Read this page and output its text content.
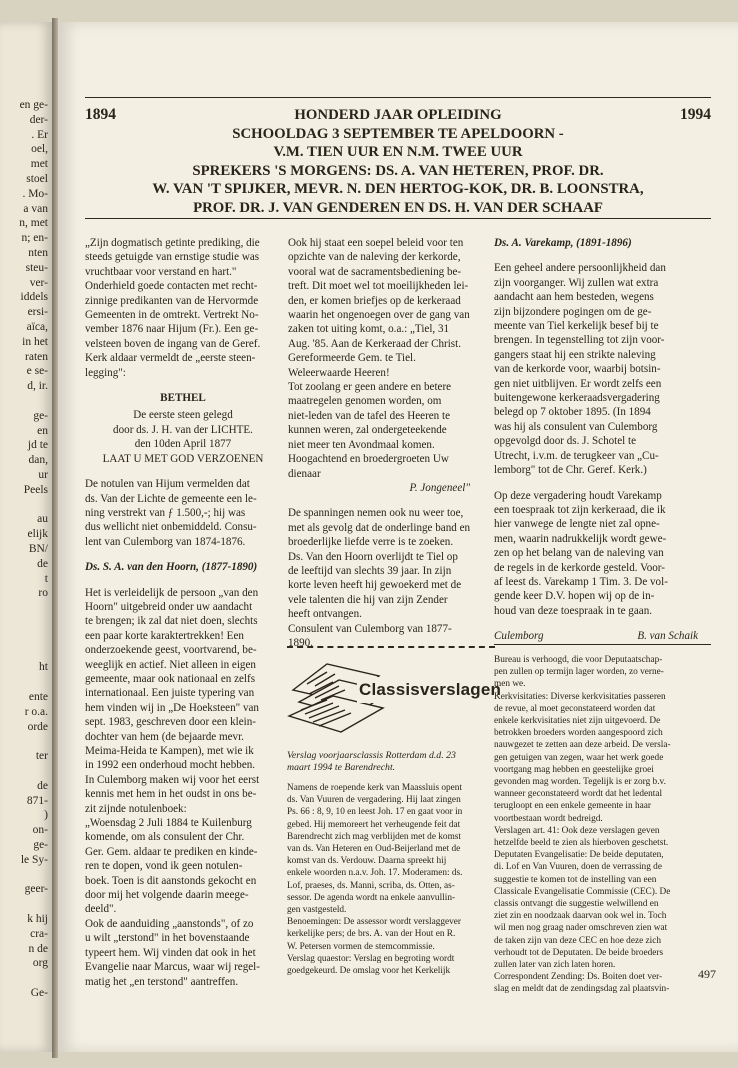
en ge-
der-
. Er
oel,
met
stoel
. Mo-
a van
n, met
n; en-
nten
steu-
ver-
iddels
ersi-
aïca,
in het
raten
e se-
d, ir.
ge-
en
jd te
dan,
ur
Peels
au
elijk
BN/
de
t
ro
ht
ente
r o.a.
orde
ter
de
871-
)
on-
ge-
le Sy-
geer-
k hij
cra-
n de
org
Ge-
1894	1994
HONDERD JAAR OPLEIDING
SCHOOLDAG 3 SEPTEMBER TE APELDOORN -
V.M. TIEN UUR EN N.M. TWEE UUR
SPREKERS 'S MORGENS: DS. A. VAN HETEREN, PROF. DR.
W. VAN 'T SPIJKER, MEVR. N. DEN HERTOG-KOK, DR. B. LOONSTRA,
PROF. DR. J. VAN GENDEREN EN DS. H. VAN DER SCHAAF

„Zijn dogmatisch getinte prediking, die

steeds getuigde van ernstige studie was

vruchtbaar voor verstand en hart."

Onderhield goede contacten met recht-

zinnige predikanten van de Hervormde

Gemeenten in de omtrekt. Vertrekt No-

vember 1876 naar Hijum (Fr.). Een ge-

velsteen boven de ingang van de Geref.

Kerk aldaar vermeldt de „eerste steen-

legging":

BETHEL

De eerste steen gelegd

door ds. J. H. van der LICHTE.

den 10den April 1877

LAAT U MET GOD VERZOENEN

De notulen van Hijum vermelden dat

ds. Van der Lichte de gemeente een le-

ning verstrekt van ƒ 1.500,-; hij was

dus wellicht niet onbemiddeld. Consu-

lent van Culemborg van 1874-1876.

Ds. S. A. van den Hoorn, (1877-1890)

Het is verleidelijk de persoon „van den

Hoorn" uitgebreid onder uw aandacht

te brengen; ik zal dat niet doen, slechts

een paar korte karaktertrekken! Een

onderzoekende geest, voortvarend, be-

weeglijk en actief. Niet alleen in eigen

gemeente, maar ook nationaal en zelfs

internationaal. Een juiste typering van

hem vinden wij in „De Hoeksteen" van

sept. 1983, geschreven door een klein-

dochter van hem (de bejaarde mevr.

Meima-Heida te Kampen), met wie ik

in 1992 een onderhoud mocht hebben.

In Culemborg maken wij voor het eerst

kennis met hem in het oudst in ons be-

zit zijnde notulenboek:

„Woensdag 2 Juli 1884 te Kuilenburg

komende, om als consulent der Chr.

Ger. Gem. aldaar te prediken en kinde-

ren te dopen, vond ik geen notulen-

boek. Toen is dit aanstonds gekocht en

door mij het volgende daarin meege-

deeld".

Ook de aanduiding „aanstonds", of zo

u wilt „terstond" in het bovenstaande

typeert hem. Wij vinden dat ook in het

Evangelie naar Marcus, waar wij regel-

matig het „en terstond" aantreffen.

Ook hij staat een soepel beleid voor ten

opzichte van de naleving der kerkorde,

vooral wat de sacramentsbediening be-

treft. Dit moet wel tot moeilijkheden lei-

den, er komen briefjes op de kerkeraad

waarin het ongenoegen over de gang van

zaken tot uiting komt, o.a.: „Tiel, 31

Aug. '85. Aan de Kerkeraad der Christ.

Gereformeerde Gem. te Tiel.

Weleerwaarde Heeren!

Tot zoolang er geen andere en betere

maatregelen genomen worden, om

niet-leden van de tafel des Heeren te

kunnen weren, zal ondergeteekende

niet meer ten Avondmaal komen.

Hoogachtend en broedergroeten Uw

dienaar

P. Jongeneel"

De spanningen nemen ook nu weer toe,

met als gevolg dat de onderlinge band en

broederlijke liefde verre is te zoeken.

Ds. Van den Hoorn overlijdt te Tiel op

de leeftijd van slechts 39 jaar. In zijn

korte leven heeft hij gewoekerd met de

vele talenten die hij van zijn Zender

heeft ontvangen.

Consulent van Culemborg van 1877-

1890.

Ds. A. Varekamp, (1891-1896)

Een geheel andere persoonlijkheid dan

zijn voorganger. Wij zullen wat extra

aandacht aan hem besteden, wegens

zijn bijzondere pogingen om de ge-

meente van Tiel kerkelijk besef bij te

brengen. In tegenstelling tot zijn voor-

gangers staat hij een strikte naleving

van de kerkorde voor, waarbij botsin-

gen niet uitblijven. Er wordt zelfs een

buitengewone kerkeraadsvergadering

belegd op 7 oktober 1895. (In 1894

was hij als consulent van Culemborg

opgevolgd door ds. J. Schotel te

Utrecht, i.v.m. de terugkeer van „Cu-

lemborg" tot de Chr. Geref. Kerk.)

Op deze vergadering houdt Varekamp

een toespraak tot zijn kerkeraad, die ik

hier vanwege de lengte niet zal opne-

men, waarin nadrukkelijk wordt gewe-

zen op het belang van de naleving van

de regels in de kerkorde gesteld. Voor-

af leest ds. Varekamp 1 Tim. 3. De vol-

gende keer D.V. hopen wij op de in-

houd van deze toespraak in te gaan.

Culemborg	B. van Schaik

Classisverslagen

Verslag voorjaarsclassis Rotterdam d.d. 23

maart 1994 te Barendrecht.

Namens de roepende kerk van Maassluis opent

ds. Van Vuuren de vergadering. Hij laat zingen

Ps. 66 : 8, 9, 10 en leest Joh. 17 en gaat voor in

gebed. Hij memoreert het verheugende feit dat

Barendrecht zich mag verblijden met de komst

van ds. Van Heteren en Oud-Beijerland met de

komst van ds. Verdouw. Daarna spreekt hij

enkele woorden n.a.v. Joh. 17. Moderamen: ds.

Lof, praeses, ds. Manni, scriba, ds. Otten, as-

sessor. De agenda wordt na enkele aanvullin-

gen vastgesteld.

Benoemingen: De assessor wordt verslaggever

kerkelijke pers; de brs. A. van der Hout en R.

W. Petersen vormen de stemcommissie.

Verslag quaestor: Verslag en begroting wordt

goedgekeurd. De omslag voor het Kerkelijk

Bureau is verhoogd, die voor Deputaatschap-

pen zullen op termijn lager worden, zo verne-

men we.

Kerkvisitaties: Diverse kerkvisitaties passeren

de revue, al moet geconstateerd worden dat

enkele kerkvisitaties niet zijn uitgevoerd. De

betrokken broeders worden aangespoord zich

nauwgezet te zetten aan deze arbeid. De versla-

gen getuigen van zegen, waar het werk goede

voortgang mag hebben en geestelijke groei

gevonden mag worden. Tegelijk is er zorg b.v.

wanneer geconstateerd wordt dat het ledental

terugloopt en een enkele gemeente in haar

voortbestaan wordt bedreigd.

Verslagen art. 41: Ook deze verslagen geven

hetzelfde beeld te zien als hierboven geschetst.

Deputaten Evangelisatie: De beide deputaten,

di. Lof en Van Vuuren, doen de verrassing de

suggestie te komen tot de instelling van een

Classicale Evangelisatie Commissie (CEC). De

classis ontvangt die suggestie welwillend en

ziet zin en noodzaak daarvan ook wel in. Toch

wil men nog graag nader omschreven zien wat

de taken zijn van deze CEC en hoe deze zich

verhoudt tot de Deputaten. De beide broeders

zullen later van zich laten horen.

Correspondent Zending: Ds. Boiten doet ver-

slag en meldt dat de zendingsdag zal plaatsvin-

497
